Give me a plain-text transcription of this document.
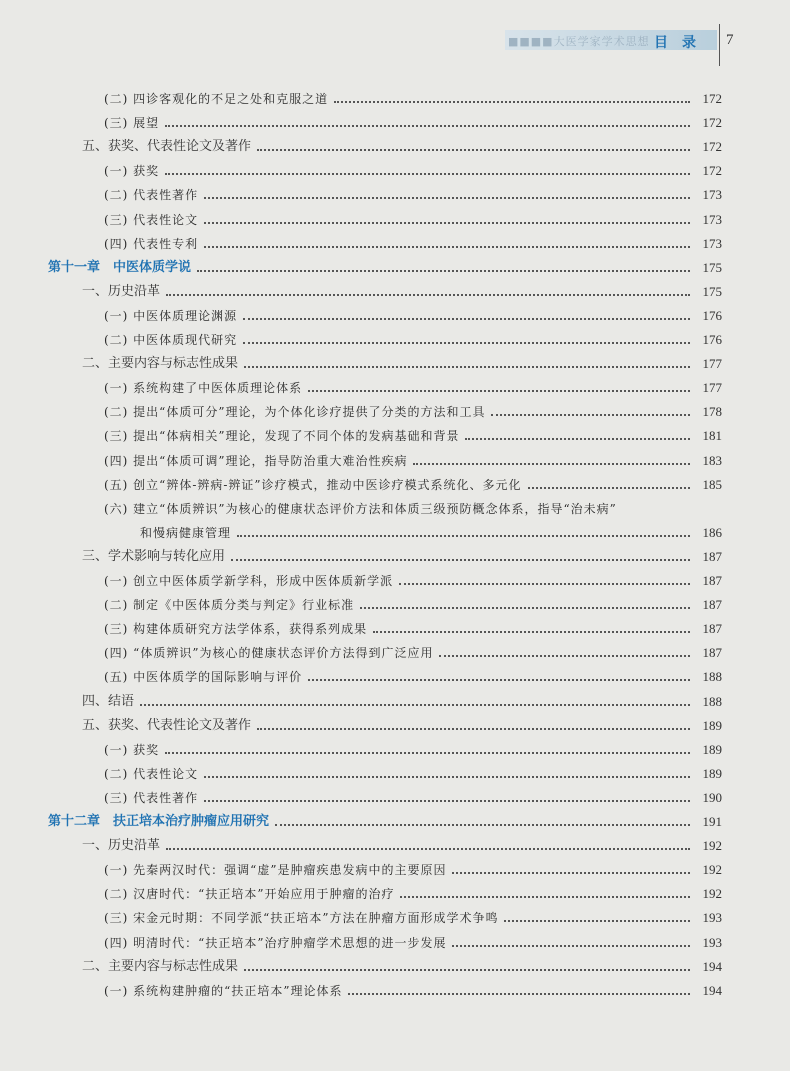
■■■■大医学家学术思想 目录 7
(二) 四诊客观化的不足之处和克服之道	172
(三) 展望	172
五、获奖、代表性论文及著作	172
(一) 获奖	172
(二) 代表性著作	173
(三) 代表性论文	173
(四) 代表性专利	173
第十一章　中医体质学说	175
一、历史沿革	175
(一) 中医体质理论渊源	176
(二) 中医体质现代研究	176
二、主要内容与标志性成果	177
(一) 系统构建了中医体质理论体系	177
(二) 提出“体质可分”理论，为个体化诊疗提供了分类的方法和工具	178
(三) 提出“体病相关”理论，发现了不同个体的发病基础和背景	181
(四) 提出“体质可调”理论，指导防治重大难治性疾病	183
(五) 创立“辨体-辨病-辨证”诊疗模式，推动中医诊疗模式系统化、多元化	185
(六) 建立“体质辨识”为核心的健康状态评价方法和体质三级预防概念体系，指导“治未病”
和慢病健康管理	186
三、学术影响与转化应用	187
(一) 创立中医体质学新学科，形成中医体质新学派	187
(二) 制定《中医体质分类与判定》行业标准	187
(三) 构建体质研究方法学体系，获得系列成果	187
(四) “体质辨识”为核心的健康状态评价方法得到广泛应用	187
(五) 中医体质学的国际影响与评价	188
四、结语	188
五、获奖、代表性论文及著作	189
(一) 获奖	189
(二) 代表性论文	189
(三) 代表性著作	190
第十二章　扶正培本治疗肿瘤应用研究	191
一、历史沿革	192
(一) 先秦两汉时代：强调“虚”是肿瘤疾患发病中的主要原因	192
(二) 汉唐时代：“扶正培本”开始应用于肿瘤的治疗	192
(三) 宋金元时期：不同学派“扶正培本”方法在肿瘤方面形成学术争鸣	193
(四) 明清时代：“扶正培本”治疗肿瘤学术思想的进一步发展	193
二、主要内容与标志性成果	194
(一) 系统构建肿瘤的“扶正培本”理论体系	194
